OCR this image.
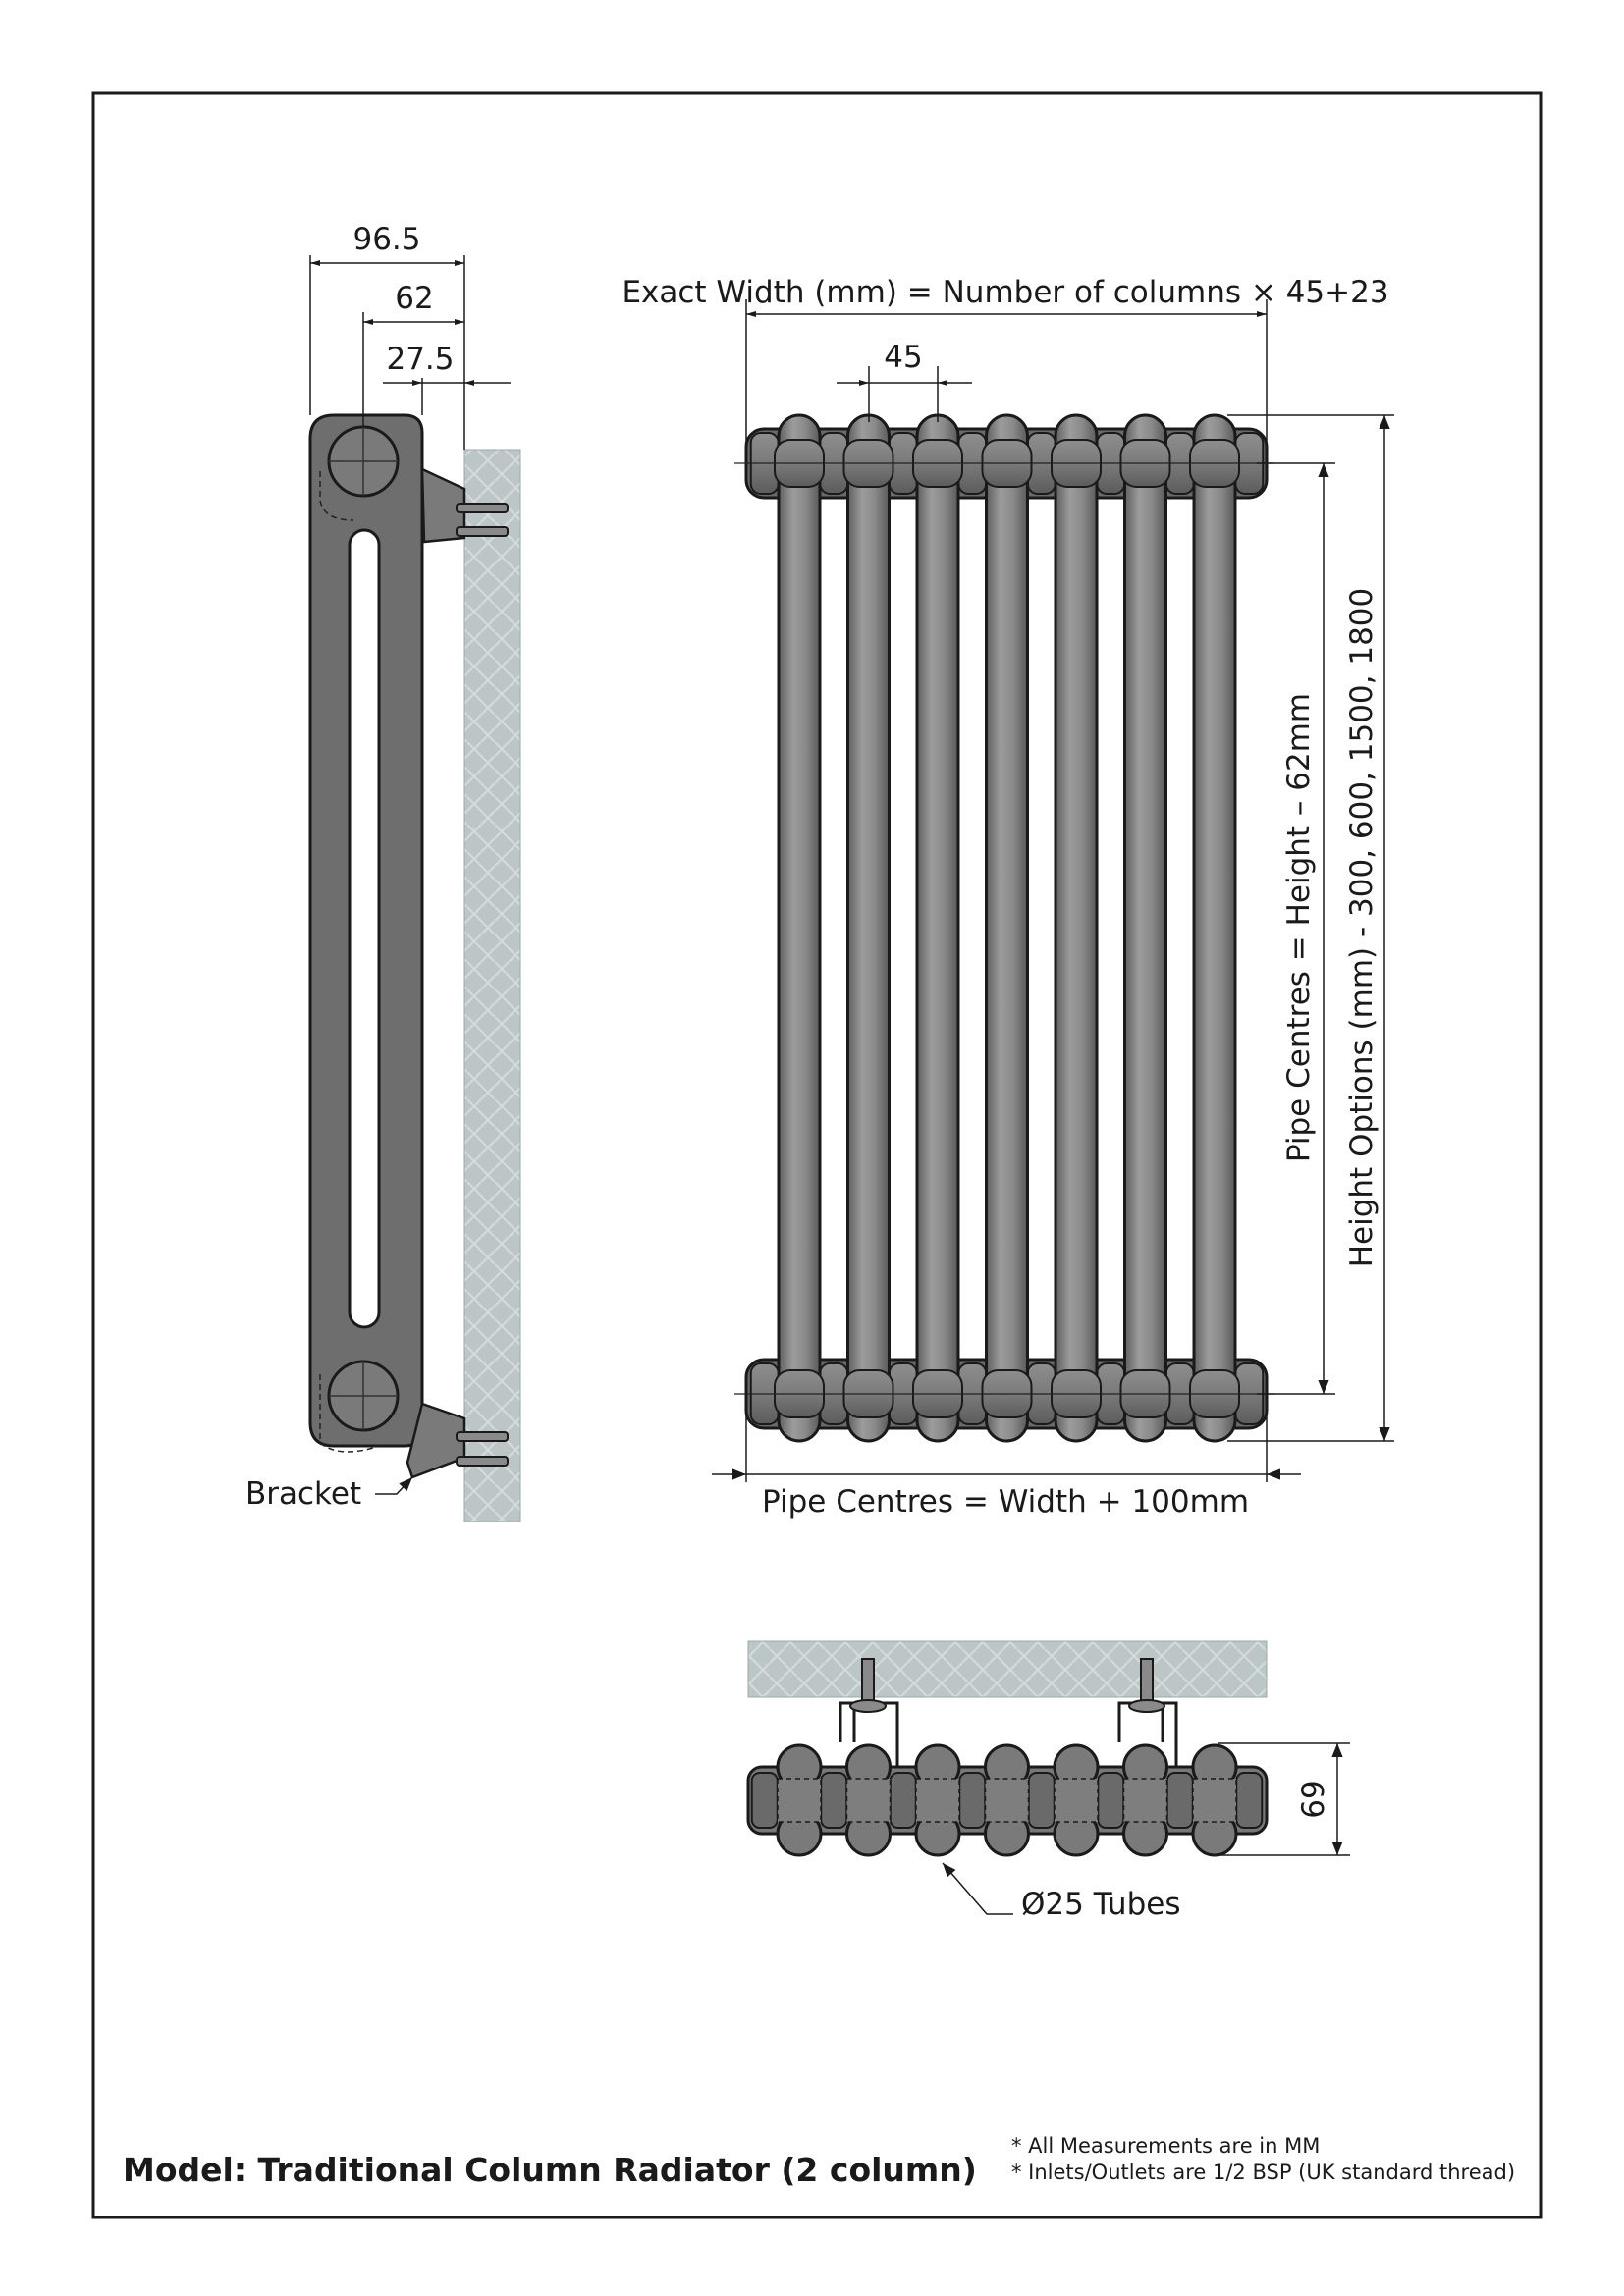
96.5
62
27.5
Bracket
Exact Width (mm) = Number of columns × 45+23
45
Height Options (mm) - 300, 600, 1500, 1800
Pipe Centres = Height – 62mm
Pipe Centres = Width + 100mm
69
Ø25 Tubes
Model: Traditional Column Radiator (2 column)
* All Measurements are in MM
* Inlets/Outlets are 1/2 BSP (UK standard thread)
